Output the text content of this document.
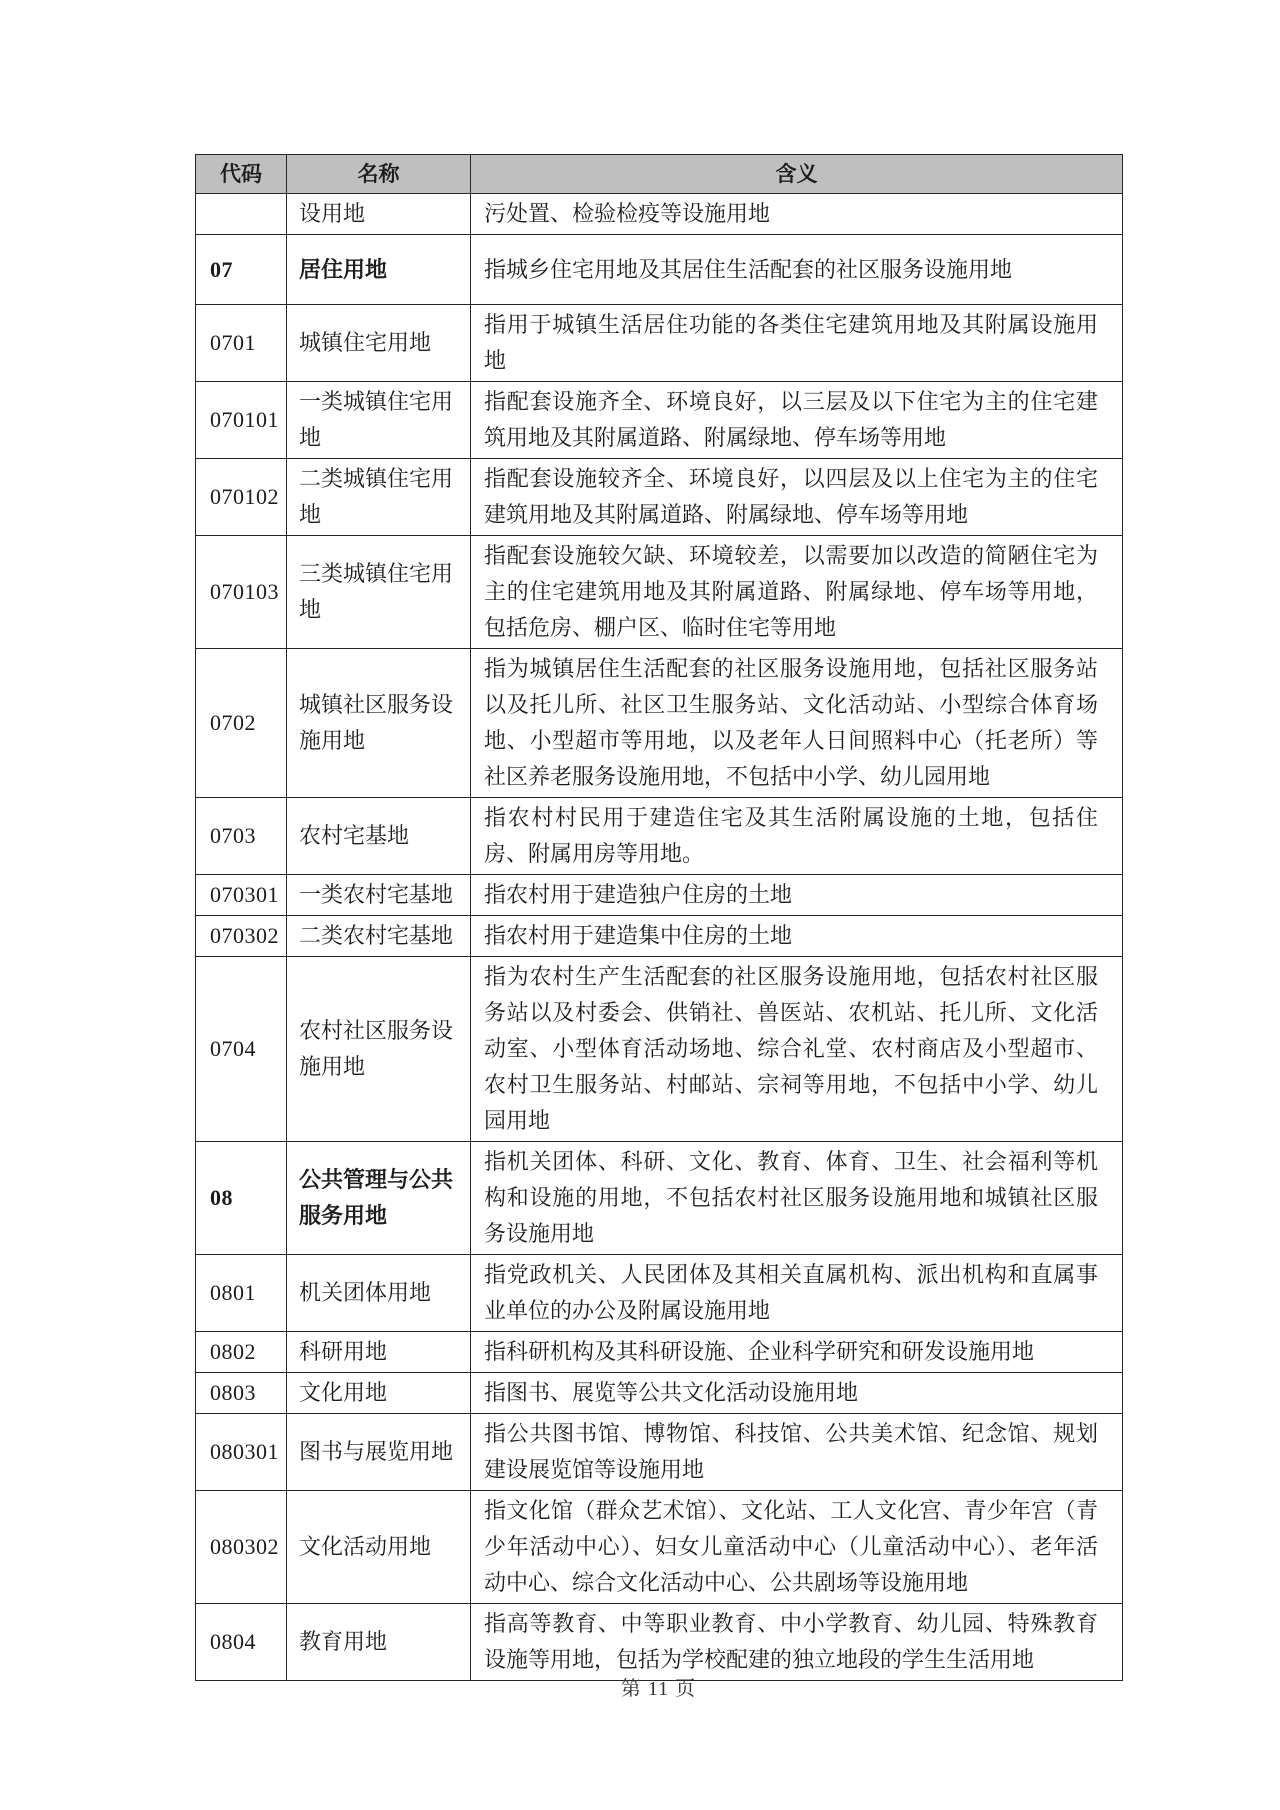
代码	名称	含义
	设用地	污处置、检验检疫等设施用地
07	居住用地	指城乡住宅用地及其居住生活配套的社区服务设施用地
0701	城镇住宅用地	指用于城镇生活居住功能的各类住宅建筑用地及其附属设施用地
070101	一类城镇住宅用地	指配套设施齐全、环境良好，以三层及以下住宅为主的住宅建筑用地及其附属道路、附属绿地、停车场等用地
070102	二类城镇住宅用地	指配套设施较齐全、环境良好，以四层及以上住宅为主的住宅建筑用地及其附属道路、附属绿地、停车场等用地
070103	三类城镇住宅用地	指配套设施较欠缺、环境较差，以需要加以改造的简陋住宅为主的住宅建筑用地及其附属道路、附属绿地、停车场等用地，包括危房、棚户区、临时住宅等用地
0702	城镇社区服务设施用地	指为城镇居住生活配套的社区服务设施用地，包括社区服务站以及托儿所、社区卫生服务站、文化活动站、小型综合体育场地、小型超市等用地，以及老年人日间照料中心（托老所）等社区养老服务设施用地，不包括中小学、幼儿园用地
0703	农村宅基地	指农村村民用于建造住宅及其生活附属设施的土地，包括住房、附属用房等用地。
070301	一类农村宅基地	指农村用于建造独户住房的土地
070302	二类农村宅基地	指农村用于建造集中住房的土地
0704	农村社区服务设施用地	指为农村生产生活配套的社区服务设施用地，包括农村社区服务站以及村委会、供销社、兽医站、农机站、托儿所、文化活动室、小型体育活动场地、综合礼堂、农村商店及小型超市、农村卫生服务站、村邮站、宗祠等用地，不包括中小学、幼儿园用地
08	公共管理与公共服务用地	指机关团体、科研、文化、教育、体育、卫生、社会福利等机构和设施的用地，不包括农村社区服务设施用地和城镇社区服务设施用地
0801	机关团体用地	指党政机关、人民团体及其相关直属机构、派出机构和直属事业单位的办公及附属设施用地
0802	科研用地	指科研机构及其科研设施、企业科学研究和研发设施用地
0803	文化用地	指图书、展览等公共文化活动设施用地
080301	图书与展览用地	指公共图书馆、博物馆、科技馆、公共美术馆、纪念馆、规划建设展览馆等设施用地
080302	文化活动用地	指文化馆（群众艺术馆）、文化站、工人文化宫、青少年宫（青少年活动中心）、妇女儿童活动中心（儿童活动中心）、老年活动中心、综合文化活动中心、公共剧场等设施用地
0804	教育用地	指高等教育、中等职业教育、中小学教育、幼儿园、特殊教育设施等用地，包括为学校配建的独立地段的学生生活用地
第 11 页
